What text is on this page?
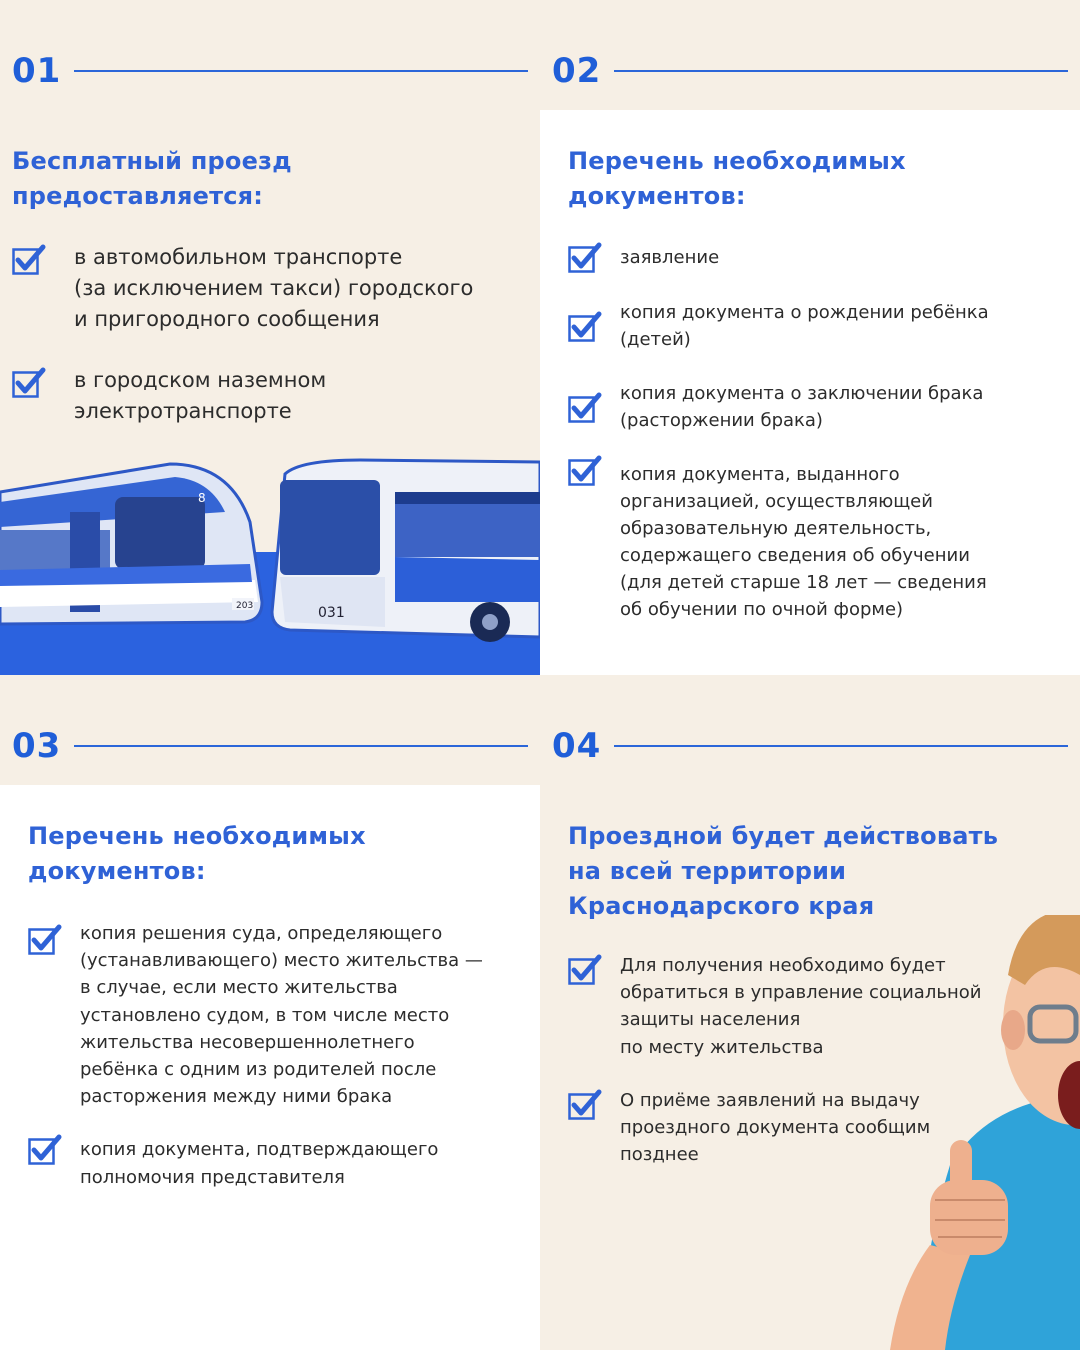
01
Бесплатный проезд
предоставляется:
в автомобильном транспорте
(за исключением такси) городского
и пригородного сообщения
в городском наземном
электротранспорте
203
8
031
02
Перечень необходимых
документов:
заявление
копия документа о рождении ребёнка
(детей)
копия документа о заключении брака
(расторжении брака)
копия документа, выданного
организацией, осуществляющей
образовательную деятельность,
содержащего сведения об обучении
(для детей старше 18 лет — сведения
об обучении по очной форме)
03
Перечень необходимых
документов:
копия решения суда, определяющего
(устанавливающего) место жительства —
в случае, если место жительства
установлено судом, в том числе место
жительства несовершеннолетнего
ребёнка с одним из родителей после
расторжения между ними брака
копия документа, подтверждающего
полномочия представителя
04
Проездной будет действовать
на всей территории
Краснодарского края
Для получения необходимо будет
обратиться в управление социальной
защиты населения
по месту жительства
О приёме заявлений на выдачу
проездного документа сообщим
позднее
